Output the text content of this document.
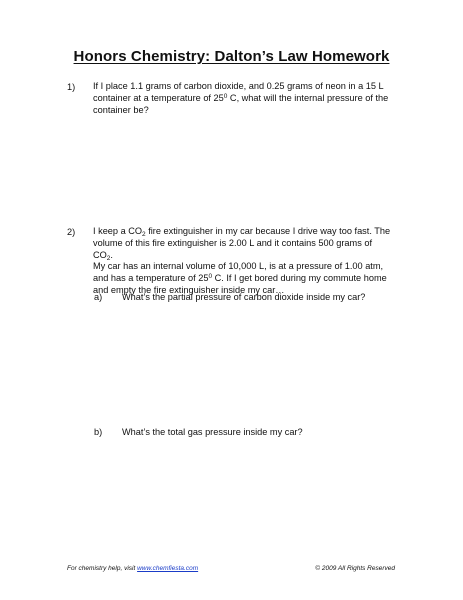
Honors Chemistry: Dalton’s Law Homework
1) If I place 1.1 grams of carbon dioxide, and 0.25 grams of neon in a 15 L
container at a temperature of $25^0$ C, what will the internal pressure of the
container be?
2) I keep a $CO_2$ fire extinguisher in my car because I drive way too fast. The
volume of this fire extinguisher is 2.00 L and it contains 500 grams of $CO_2$.
My car has an internal volume of 10,000 L, is at a pressure of 1.00 atm,
and has a temperature of $25^0$ C. If I get bored during my commute home
and empty the fire extinguisher inside my car…
a) What’s the partial pressure of carbon dioxide inside my car?
b) What’s the total gas pressure inside my car?
For chemistry help, visit www.chemfiesta.com	© 2009 All Rights Reserved
